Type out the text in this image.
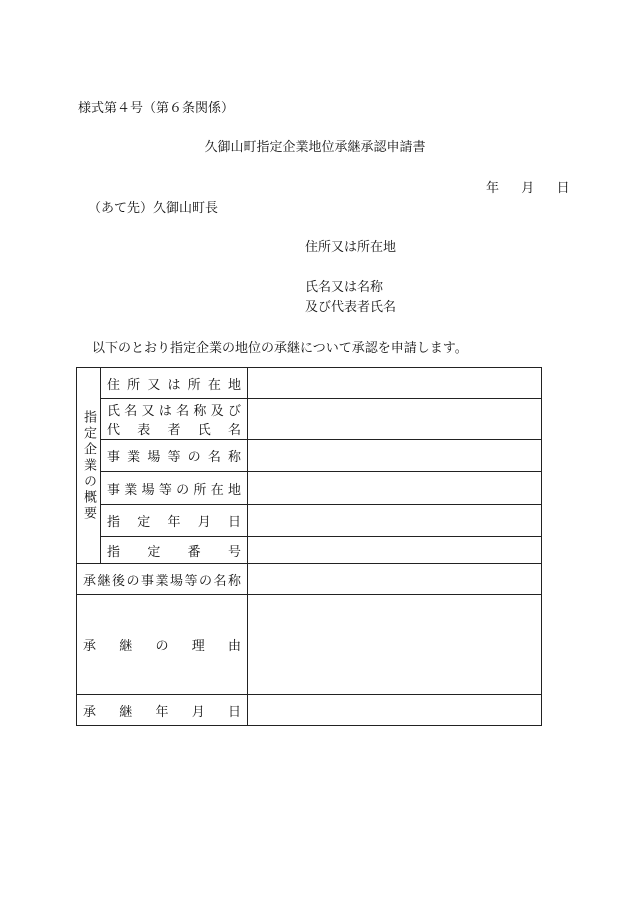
様式第４号（第６条関係）
久御山町指定企業地位承継承認申請書
年 月 日
（あて先）久御山町長
住所又は所在地
氏名又は名称
及び代表者氏名
以下のとおり指定企業の地位の承継について承認を申請します。
指定企業の概要	住所又は所在地	

	氏名又は名称及び
代表者氏名	

	事業場等の名称	
	事業場等の所在地	
	指定年月日	
	指定番号	
承継後の事業場等の名称		
承継の理由		
承継年月日		
